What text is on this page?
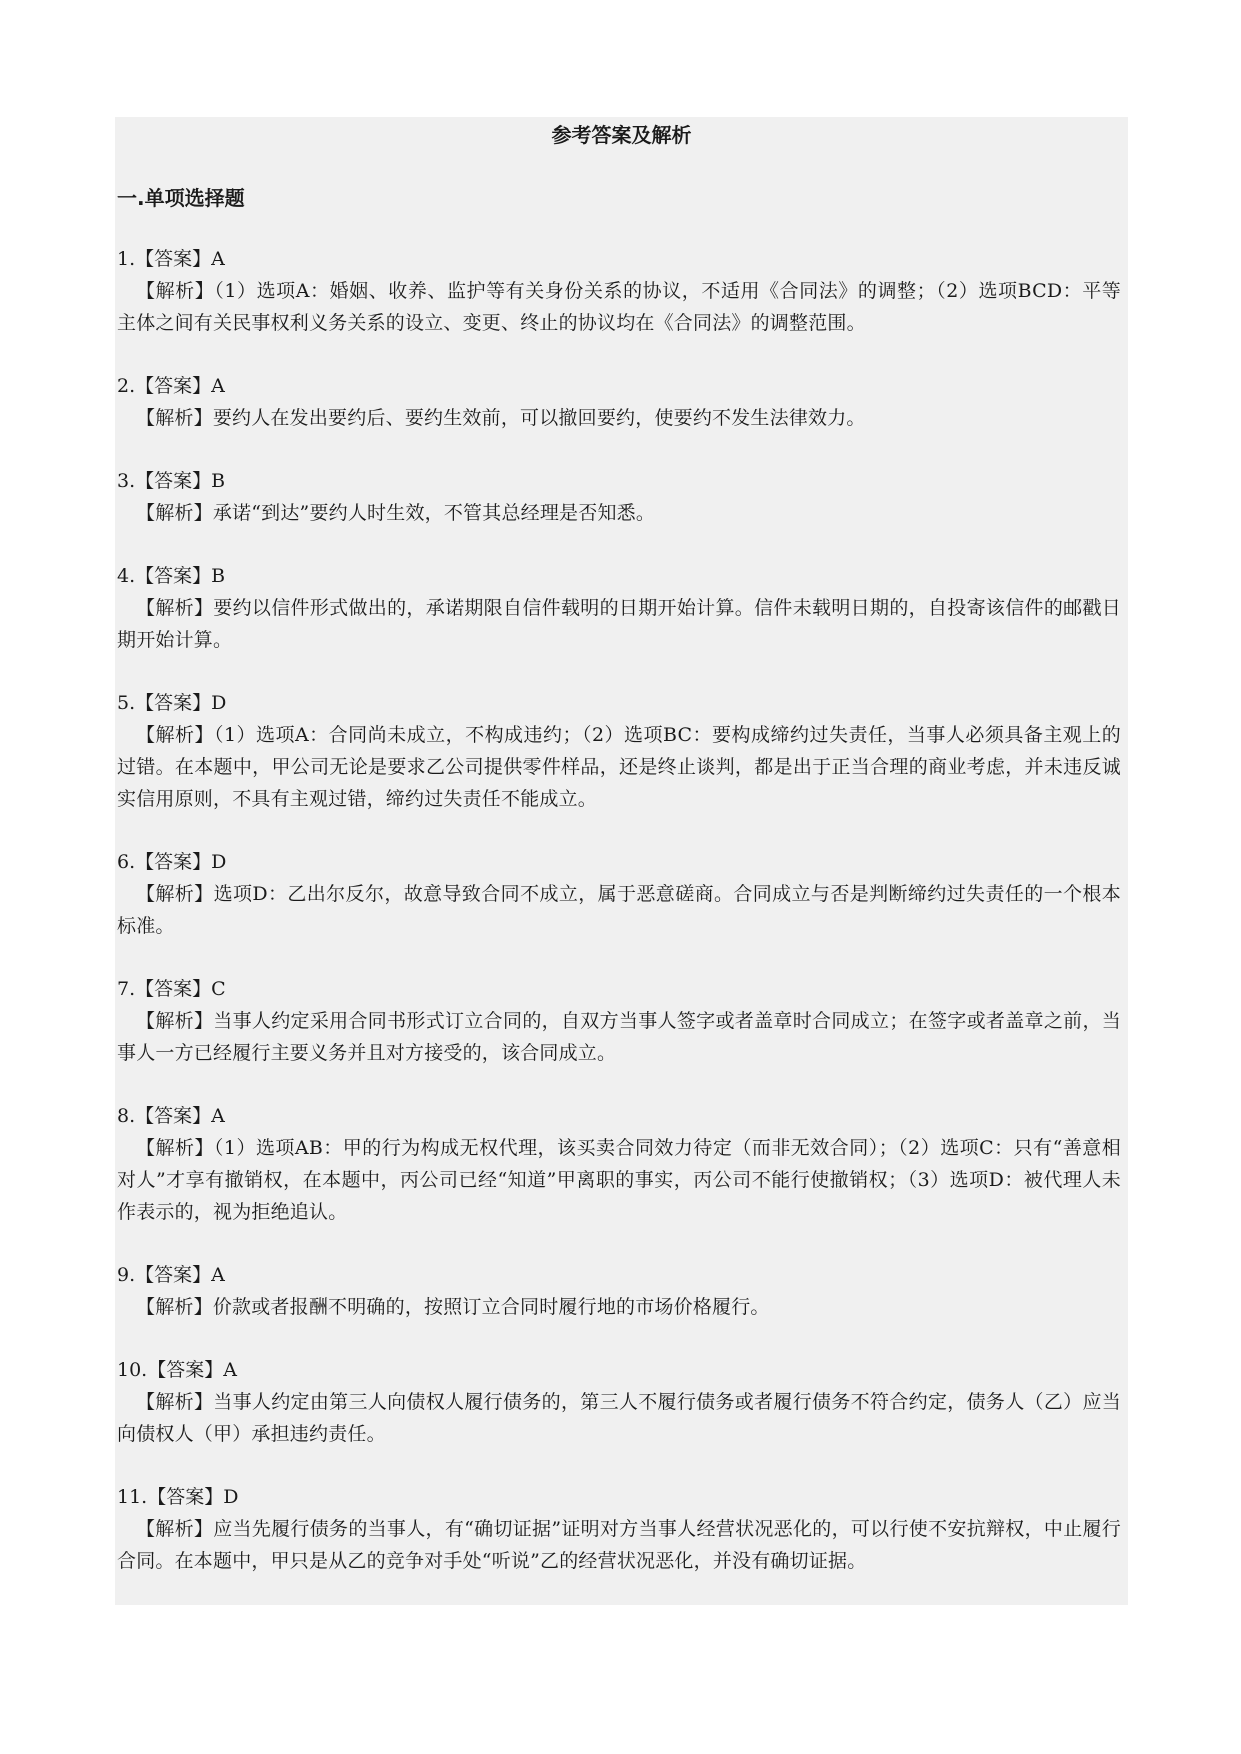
参考答案及解析
一.单项选择题
1.【答案】A
【解析】（1）选项A：婚姻、收养、监护等有关身份关系的协议，不适用《合同法》的调整；（2）选项BCD：平等主体之间有关民事权利义务关系的设立、变更、终止的协议均在《合同法》的调整范围。
2.【答案】A
【解析】要约人在发出要约后、要约生效前，可以撤回要约，使要约不发生法律效力。
3.【答案】B
【解析】承诺“到达”要约人时生效，不管其总经理是否知悉。
4.【答案】B
【解析】要约以信件形式做出的，承诺期限自信件载明的日期开始计算。信件未载明日期的，自投寄该信件的邮戳日期开始计算。
5.【答案】D
【解析】（1）选项A：合同尚未成立，不构成违约；（2）选项BC：要构成缔约过失责任，当事人必须具备主观上的过错。在本题中，甲公司无论是要求乙公司提供零件样品，还是终止谈判，都是出于正当合理的商业考虑，并未违反诚实信用原则，不具有主观过错，缔约过失责任不能成立。
6.【答案】D
【解析】选项D：乙出尔反尔，故意导致合同不成立，属于恶意磋商。合同成立与否是判断缔约过失责任的一个根本标准。
7.【答案】C
【解析】当事人约定采用合同书形式订立合同的，自双方当事人签字或者盖章时合同成立；在签字或者盖章之前，当事人一方已经履行主要义务并且对方接受的，该合同成立。
8.【答案】A
【解析】（1）选项AB：甲的行为构成无权代理，该买卖合同效力待定（而非无效合同）；（2）选项C：只有“善意相对人”才享有撤销权，在本题中，丙公司已经“知道”甲离职的事实，丙公司不能行使撤销权；（3）选项D：被代理人未作表示的，视为拒绝追认。
9.【答案】A
【解析】价款或者报酬不明确的，按照订立合同时履行地的市场价格履行。
10.【答案】A
【解析】当事人约定由第三人向债权人履行债务的，第三人不履行债务或者履行债务不符合约定，债务人（乙）应当向债权人（甲）承担违约责任。
11.【答案】D
【解析】应当先履行债务的当事人，有“确切证据”证明对方当事人经营状况恶化的，可以行使不安抗辩权，中止履行合同。在本题中，甲只是从乙的竞争对手处“听说”乙的经营状况恶化，并没有确切证据。
